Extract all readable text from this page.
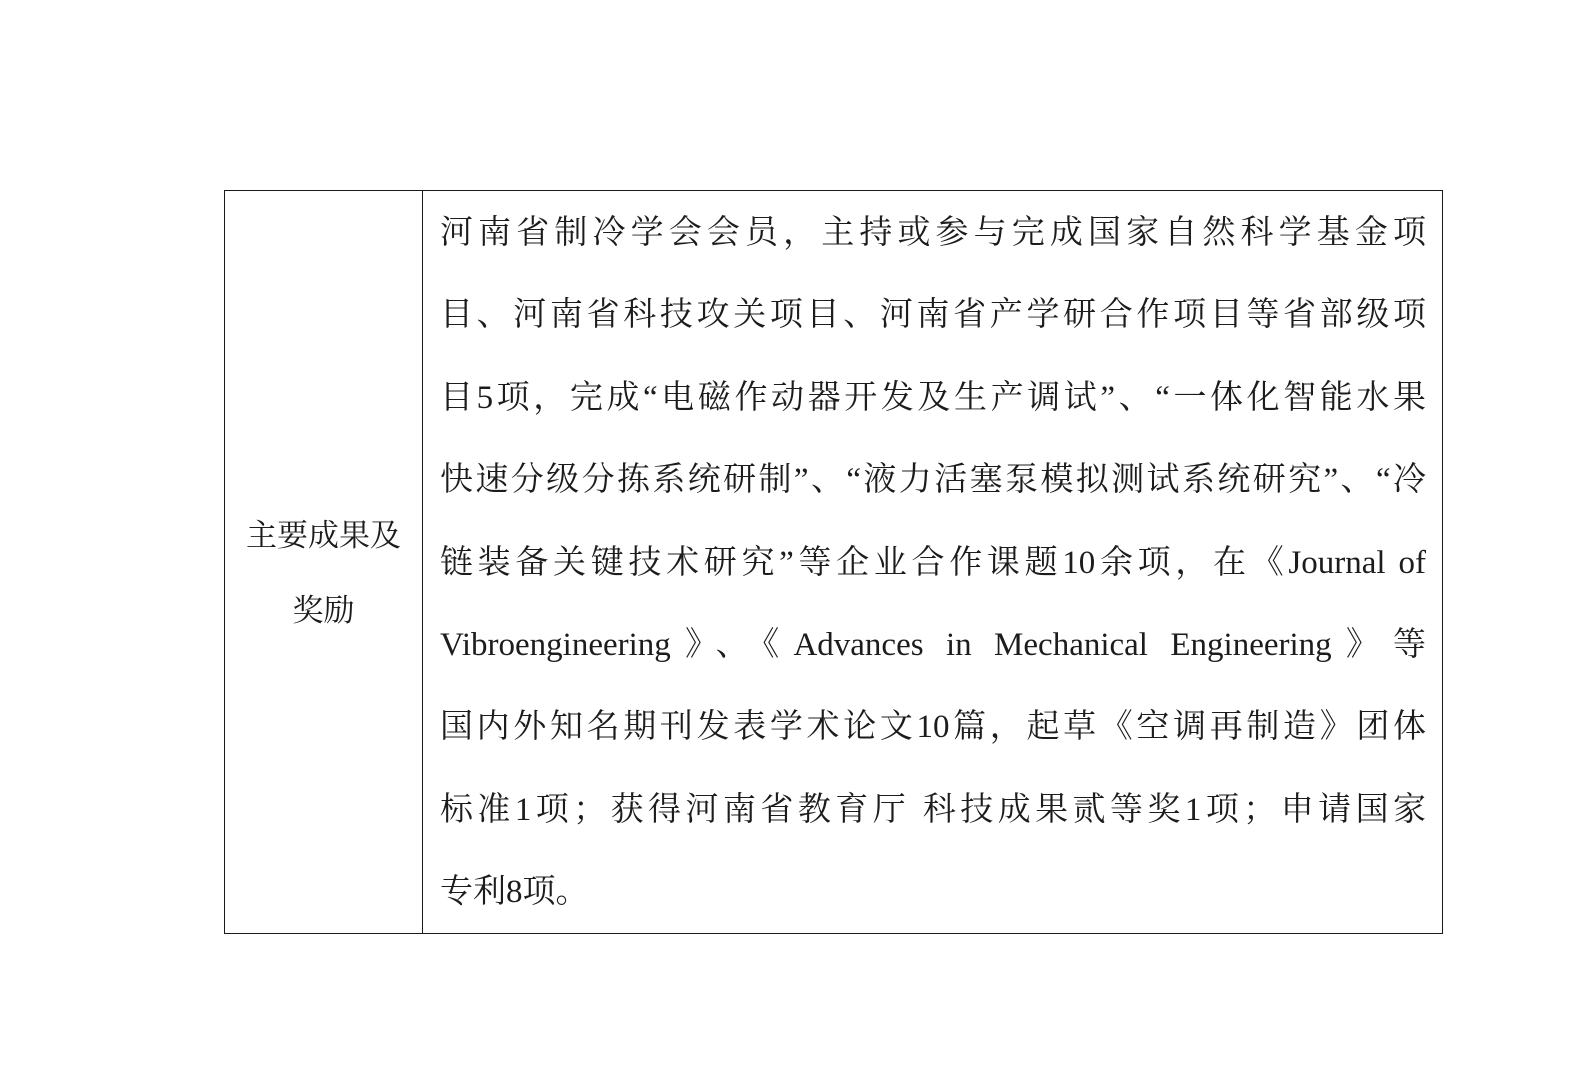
主要成果及奖励
河南省制冷学会会员，主持或参与完成国家自然科学基金项
目、河南省科技攻关项目、河南省产学研合作项目等省部级项
目5项，完成“电磁作动器开发及生产调试”、“一体化智能水果
快速分级分拣系统研制”、“液力活塞泵模拟测试系统研究”、“冷
链装备关键技术研究”等企业合作课题10余项，在《Journal of
Vibroengineering》、《Advances in Mechanical Engineering》等
国内外知名期刊发表学术论文10篇，起草《空调再制造》团体
标准1项；获得河南省教育厅 科技成果贰等奖1项；申请国家
专利8项。
